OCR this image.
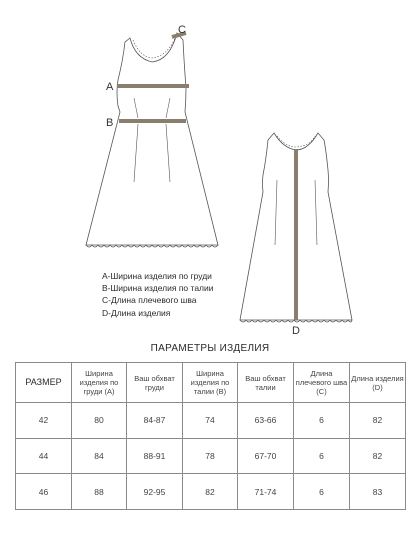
A
B
C
D
A-Ширина изделия по груди
B-Ширина изделия по талии
C-Длина плечевого шва
D-Длина изделия
ПАРАМЕТРЫ ИЗДЕЛИЯ
РАЗМЕР	Ширина изделия по груди (A)	Ваш обхват груди	Ширина изделия по талии (B)	Ваш обхват талии	Длина плечевого шва (C)	Длина изделия (D)
42	80	84-87	74	63-66	6	82
44	84	88-91	78	67-70	6	82
46	88	92-95	82	71-74	6	83
